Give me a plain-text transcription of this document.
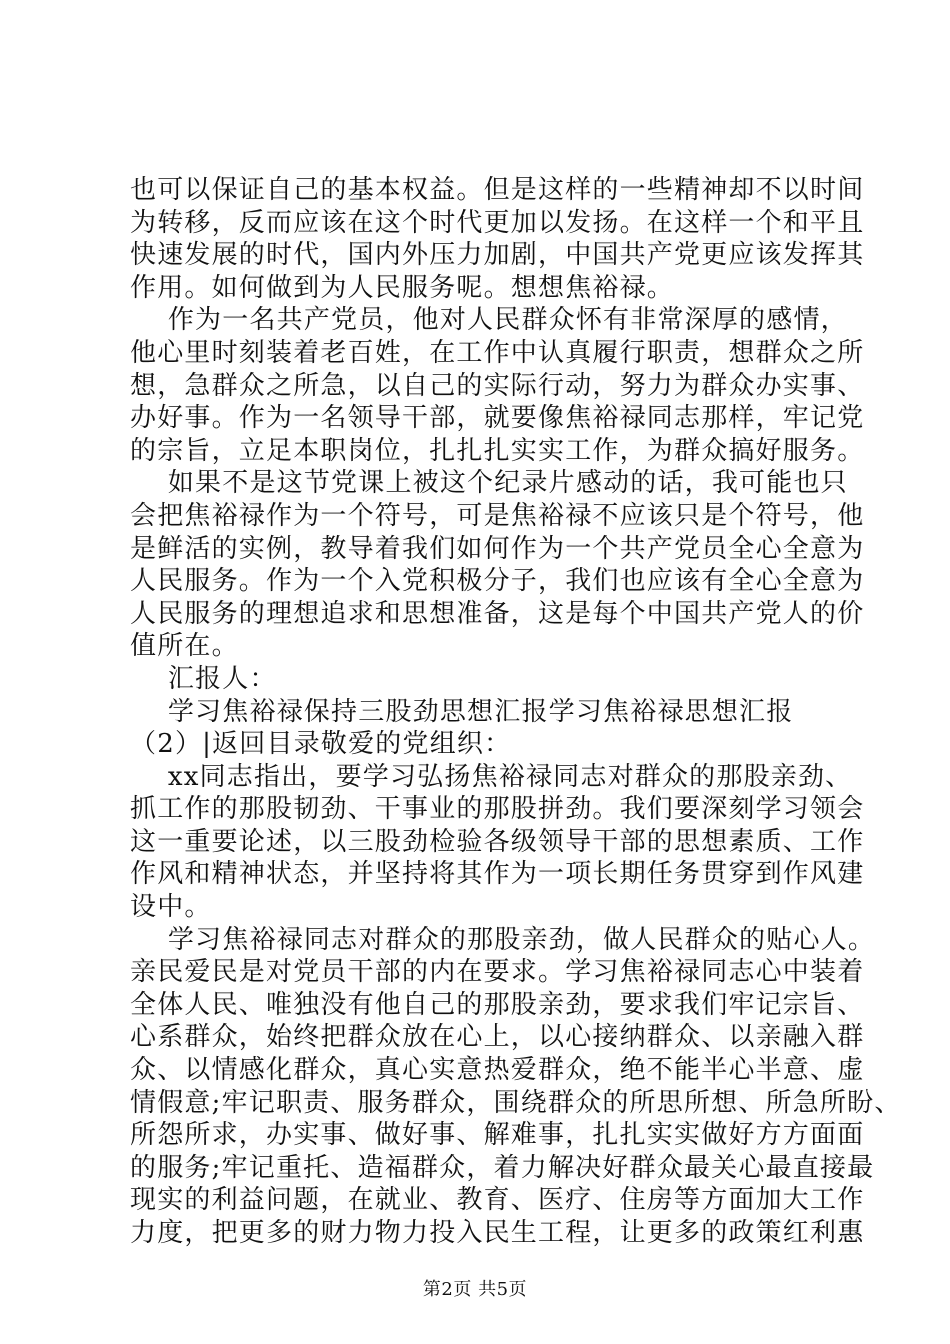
也可以保证自己的基本权益。但是这样的一些精神却不以时间
为转移，反而应该在这个时代更加以发扬。在这样一个和平且
快速发展的时代，国内外压力加剧，中国共产党更应该发挥其
作用。如何做到为人民服务呢。想想焦裕禄。
作为一名共产党员，他对人民群众怀有非常深厚的感情，
他心里时刻装着老百姓，在工作中认真履行职责，想群众之所
想，急群众之所急，以自己的实际行动，努力为群众办实事、
办好事。作为一名领导干部，就要像焦裕禄同志那样，牢记党
的宗旨，立足本职岗位，扎扎扎实实工作，为群众搞好服务。
如果不是这节党课上被这个纪录片感动的话，我可能也只
会把焦裕禄作为一个符号，可是焦裕禄不应该只是个符号，他
是鲜活的实例，教导着我们如何作为一个共产党员全心全意为
人民服务。作为一个入党积极分子，我们也应该有全心全意为
人民服务的理想追求和思想准备，这是每个中国共产党人的价
值所在。
汇报人：
学习焦裕禄保持三股劲思想汇报学习焦裕禄思想汇报
（2）|返回目录敬爱的党组织：
xx同志指出，要学习弘扬焦裕禄同志对群众的那股亲劲、
抓工作的那股韧劲、干事业的那股拼劲。我们要深刻学习领会
这一重要论述，以三股劲检验各级领导干部的思想素质、工作
作风和精神状态，并坚持将其作为一项长期任务贯穿到作风建
设中。
学习焦裕禄同志对群众的那股亲劲，做人民群众的贴心人。
亲民爱民是对党员干部的内在要求。学习焦裕禄同志心中装着
全体人民、唯独没有他自己的那股亲劲，要求我们牢记宗旨、
心系群众，始终把群众放在心上，以心接纳群众、以亲融入群
众、以情感化群众，真心实意热爱群众，绝不能半心半意、虚
情假意;牢记职责、服务群众，围绕群众的所思所想、所急所盼、
所怨所求，办实事、做好事、解难事，扎扎实实做好方方面面
的服务;牢记重托、造福群众，着力解决好群众最关心最直接最
现实的利益问题，在就业、教育、医疗、住房等方面加大工作
力度，把更多的财力物力投入民生工程，让更多的政策红利惠
第2页 共5页
